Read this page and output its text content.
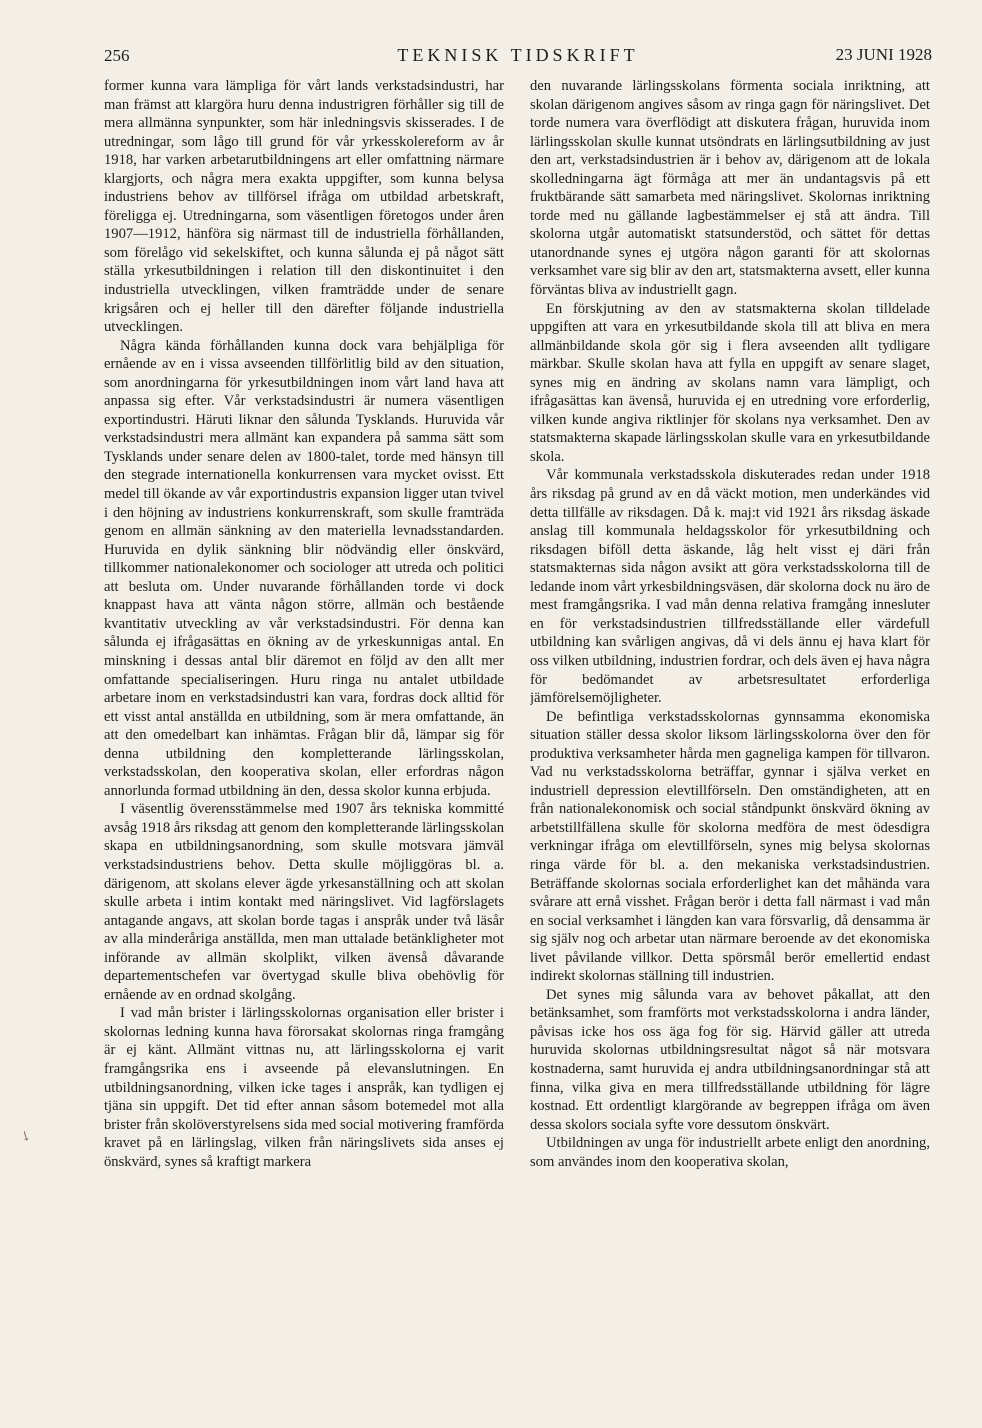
256	TEKNISK TIDSKRIFT	23 JUNI 1928

former kunna vara lämpliga för vårt lands verkstadsindustri, har man främst att klargöra huru denna industrigren förhåller sig till de mera allmänna synpunkter, som här inledningsvis skisserades. I de utredningar, som lågo till grund för vår yrkesskolereform av år 1918, har varken arbetarutbildningens art eller omfattning närmare klargjorts, och några mera exakta uppgifter, som kunna belysa industriens behov av tillförsel ifråga om utbildad arbetskraft, föreligga ej. Utredningarna, som väsentligen företogos under åren 1907—1912, hänföra sig närmast till de industriella förhållanden, som förelågo vid sekelskiftet, och kunna sålunda ej på något sätt ställa yrkesutbildningen i relation till den diskontinuitet i den industriella utvecklingen, vilken framträdde under de senare krigsåren och ej heller till den därefter följande industriella utvecklingen.

Några kända förhållanden kunna dock vara behjälpliga för ernående av en i vissa avseenden tillförlitlig bild av den situation, som anordningarna för yrkesutbildningen inom vårt land hava att anpassa sig efter. Vår verkstadsindustri är numera väsentligen exportindustri. Häruti liknar den sålunda Tysklands. Huruvida vår verkstadsindustri mera allmänt kan expandera på samma sätt som Tysklands under senare delen av 1800-talet, torde med hänsyn till den stegrade internationella konkurrensen vara mycket ovisst. Ett medel till ökande av vår exportindustris expansion ligger utan tvivel i den höjning av industriens konkurrenskraft, som skulle framträda genom en allmän sänkning av den materiella levnadsstandarden. Huruvida en dylik sänkning blir nödvändig eller önskvärd, tillkommer nationalekonomer och sociologer att utreda och politici att besluta om. Under nuvarande förhållanden torde vi dock knappast hava att vänta någon större, allmän och bestående kvantitativ utveckling av vår verkstadsindustri. För denna kan sålunda ej ifrågasättas en ökning av de yrkeskunnigas antal. En minskning i dessas antal blir däremot en följd av den allt mer omfattande specialiseringen. Huru ringa nu antalet utbildade arbetare inom en verkstadsindustri kan vara, fordras dock alltid för ett visst antal anställda en utbildning, som är mera omfattande, än att den omedelbart kan inhämtas. Frågan blir då, lämpar sig för denna utbildning den kompletterande lärlingsskolan, verkstadsskolan, den kooperativa skolan, eller erfordras någon annorlunda formad utbildning än den, dessa skolor kunna erbjuda.

I väsentlig överensstämmelse med 1907 års tekniska kommitté avsåg 1918 års riksdag att genom den kompletterande lärlingsskolan skapa en utbildningsanordning, som skulle motsvara jämväl verkstadsindustriens behov. Detta skulle möjliggöras bl. a. därigenom, att skolans elever ägde yrkesanställning och att skolan skulle arbeta i intim kontakt med näringslivet. Vid lagförslagets antagande angavs, att skolan borde tagas i anspråk under två läsår av alla minderåriga anställda, men man uttalade betänkligheter mot införande av allmän skolplikt, vilken ävenså dåvarande departementschefen var övertygad skulle bliva obehövlig för ernående av en ordnad skolgång.

I vad mån brister i lärlingsskolornas organisation eller brister i skolornas ledning kunna hava förorsakat skolornas ringa framgång är ej känt. Allmänt vittnas nu, att lärlingsskolorna ej varit framgångsrika ens i avseende på elevanslutningen. En utbildningsanordning, vilken icke tages i anspråk, kan tydligen ej tjäna sin uppgift. Det tid efter annan såsom botemedel mot alla brister från skolöverstyrelsens sida med social motivering framförda kravet på en lärlingslag, vilken från näringslivets sida anses ej önskvärd, synes så kraftigt markera

den nuvarande lärlingsskolans förmenta sociala inriktning, att skolan därigenom angives såsom av ringa gagn för näringslivet. Det torde numera vara överflödigt att diskutera frågan, huruvida inom lärlingsskolan skulle kunnat utsöndrats en lärlingsutbildning av just den art, verkstadsindustrien är i behov av, därigenom att de lokala skolledningarna ägt förmåga att mer än undantagsvis på ett fruktbärande sätt samarbeta med näringslivet. Skolornas inriktning torde med nu gällande lagbestämmelser ej stå att ändra. Till skolorna utgår automatiskt statsunderstöd, och sättet för dettas utanordnande synes ej utgöra någon garanti för att skolornas verksamhet vare sig blir av den art, statsmakterna avsett, eller kunna förväntas bliva av industriellt gagn.

En förskjutning av den av statsmakterna skolan tilldelade uppgiften att vara en yrkesutbildande skola till att bliva en mera allmänbildande skola gör sig i flera avseenden allt tydligare märkbar. Skulle skolan hava att fylla en uppgift av senare slaget, synes mig en ändring av skolans namn vara lämpligt, och ifrågasättas kan ävenså, huruvida ej en utredning vore erforderlig, vilken kunde angiva riktlinjer för skolans nya verksamhet. Den av statsmakterna skapade lärlingsskolan skulle vara en yrkesutbildande skola.

Vår kommunala verkstadsskola diskuterades redan under 1918 års riksdag på grund av en då väckt motion, men underkändes vid detta tillfälle av riksdagen. Då k. maj:t vid 1921 års riksdag äskade anslag till kommunala heldagsskolor för yrkesutbildning och riksdagen biföll detta äskande, låg helt visst ej däri från statsmakternas sida någon avsikt att göra verkstadsskolorna till de ledande inom vårt yrkesbildningsväsen, där skolorna dock nu äro de mest framgångsrika. I vad mån denna relativa framgång innesluter en för verkstadsindustrien tillfredsställande eller värdefull utbildning kan svårligen angivas, då vi dels ännu ej hava klart för oss vilken utbildning, industrien fordrar, och dels även ej hava några för bedömandet av arbetsresultatet erforderliga jämförelsemöjligheter.

De befintliga verkstadsskolornas gynnsamma ekonomiska situation ställer dessa skolor liksom lärlingsskolorna över den för produktiva verksamheter hårda men gagneliga kampen för tillvaron. Vad nu verkstadsskolorna beträffar, gynnar i själva verket en industriell depression elevtillförseln. Den omständigheten, att en från nationalekonomisk och social ståndpunkt önskvärd ökning av arbetstillfällena skulle för skolorna medföra de mest ödesdigra verkningar ifråga om elevtillförseln, synes mig belysa skolornas ringa värde för bl. a. den mekaniska verkstadsindustrien. Beträffande skolornas sociala erforderlighet kan det måhända vara svårare att ernå visshet. Frågan berör i detta fall närmast i vad mån en social verksamhet i längden kan vara försvarlig, då densamma är sig själv nog och arbetar utan närmare beroende av det ekonomiska livet påvilande villkor. Detta spörsmål berör emellertid endast indirekt skolornas ställning till industrien.

Det synes mig sålunda vara av behovet påkallat, att den betänksamhet, som framförts mot verkstadsskolorna i andra länder, påvisas icke hos oss äga fog för sig. Härvid gäller att utreda huruvida skolornas utbildningsresultat något så när motsvara kostnaderna, samt huruvida ej andra utbildningsanordningar stå att finna, vilka giva en mera tillfredsställande utbildning för lägre kostnad. Ett ordentligt klargörande av begreppen ifråga om även dessa skolors sociala syfte vore dessutom önskvärt.

Utbildningen av unga för industriellt arbete enligt den anordning, som användes inom den kooperativa skolan,

↘
